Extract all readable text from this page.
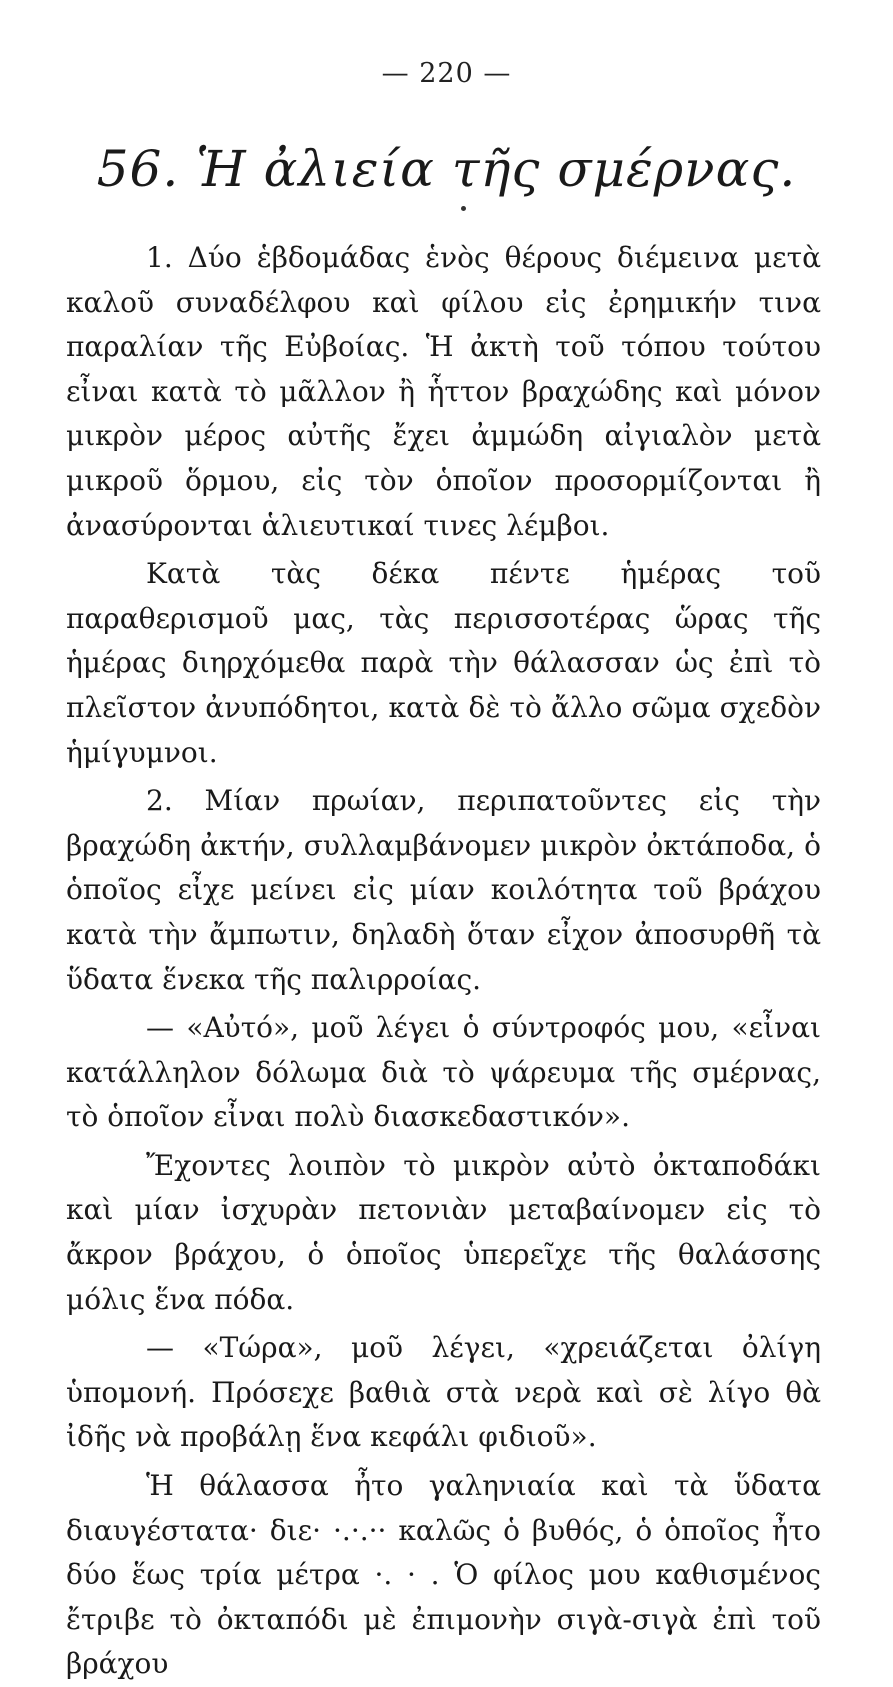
— 220 —
56. Ἡ ἀλιεία τῆς σμέρνας.

1. Δύο ἑβδομάδας ἑνὸς θέρους διέμεινα μετὰ καλοῦ συναδέλφου καὶ φίλου εἰς ἐρημικήν τινα παραλίαν τῆς Εὐβοίας. Ἡ ἀκτὴ τοῦ τόπου τούτου εἶναι κατὰ τὸ μᾶλλον ἢ ἧττον βραχώδης καὶ μόνον μικρὸν μέρος αὐτῆς ἔχει ἀμμώδη αἰγιαλὸν μετὰ μικροῦ ὅρμου, εἰς τὸν ὁποῖον προσορμίζονται ἢ ἀνασύρονται ἁλιευτικαί τινες λέμβοι.

Κατὰ τὰς δέκα πέντε ἡμέρας τοῦ παραθερισμοῦ μας, τὰς περισσοτέρας ὥρας τῆς ἡμέρας διηρχόμεθα παρὰ τὴν θάλασσαν ὡς ἐπὶ τὸ πλεῖστον ἀνυπόδητοι, κατὰ δὲ τὸ ἄλλο σῶμα σχεδὸν ἡμίγυμνοι.

2. Μίαν πρωίαν, περιπατοῦντες εἰς τὴν βραχώδη ἀκτήν, συλλαμβάνομεν μικρὸν ὀκτάποδα, ὁ ὁποῖος εἶχε μείνει εἰς μίαν κοιλότητα τοῦ βράχου κατὰ τὴν ἄμπωτιν, δηλαδὴ ὅταν εἶχον ἀποσυρθῆ τὰ ὕδατα ἕνεκα τῆς παλιρροίας.

— «Αὐτό», μοῦ λέγει ὁ σύντροφός μου, «εἶναι κατάλληλον δόλωμα διὰ τὸ ψάρευμα τῆς σμέρνας, τὸ ὁποῖον εἶναι πολὺ διασκεδαστικόν».

Ἔχοντες λοιπὸν τὸ μικρὸν αὐτὸ ὀκταποδάκι καὶ μίαν ἰσχυρὰν πετονιὰν μεταβαίνομεν εἰς τὸ ἄκρον βράχου, ὁ ὁποῖος ὑπερεῖχε τῆς θαλάσσης μόλις ἕνα πόδα.

— «Τώρα», μοῦ λέγει, «χρειάζεται ὀλίγη ὑπομονή. Πρόσεχε βαθιὰ στὰ νερὰ καὶ σὲ λίγο θὰ ἰδῆς νὰ προβάλῃ ἕνα κεφάλι φιδιοῦ».

Ἡ θάλασσα ἦτο γαληνιαία καὶ τὰ ὕδατα διαυγέστατα· διε· ·.·.·· καλῶς ὁ βυθός, ὁ ὁποῖος ἦτο δύο ἕως τρία μέτρα ·. · . Ὁ φίλος μου καθισμένος ἔτριβε τὸ ὀκταπόδι μὲ ἐπιμονὴν σιγὰ-σιγὰ ἐπὶ τοῦ βράχου
